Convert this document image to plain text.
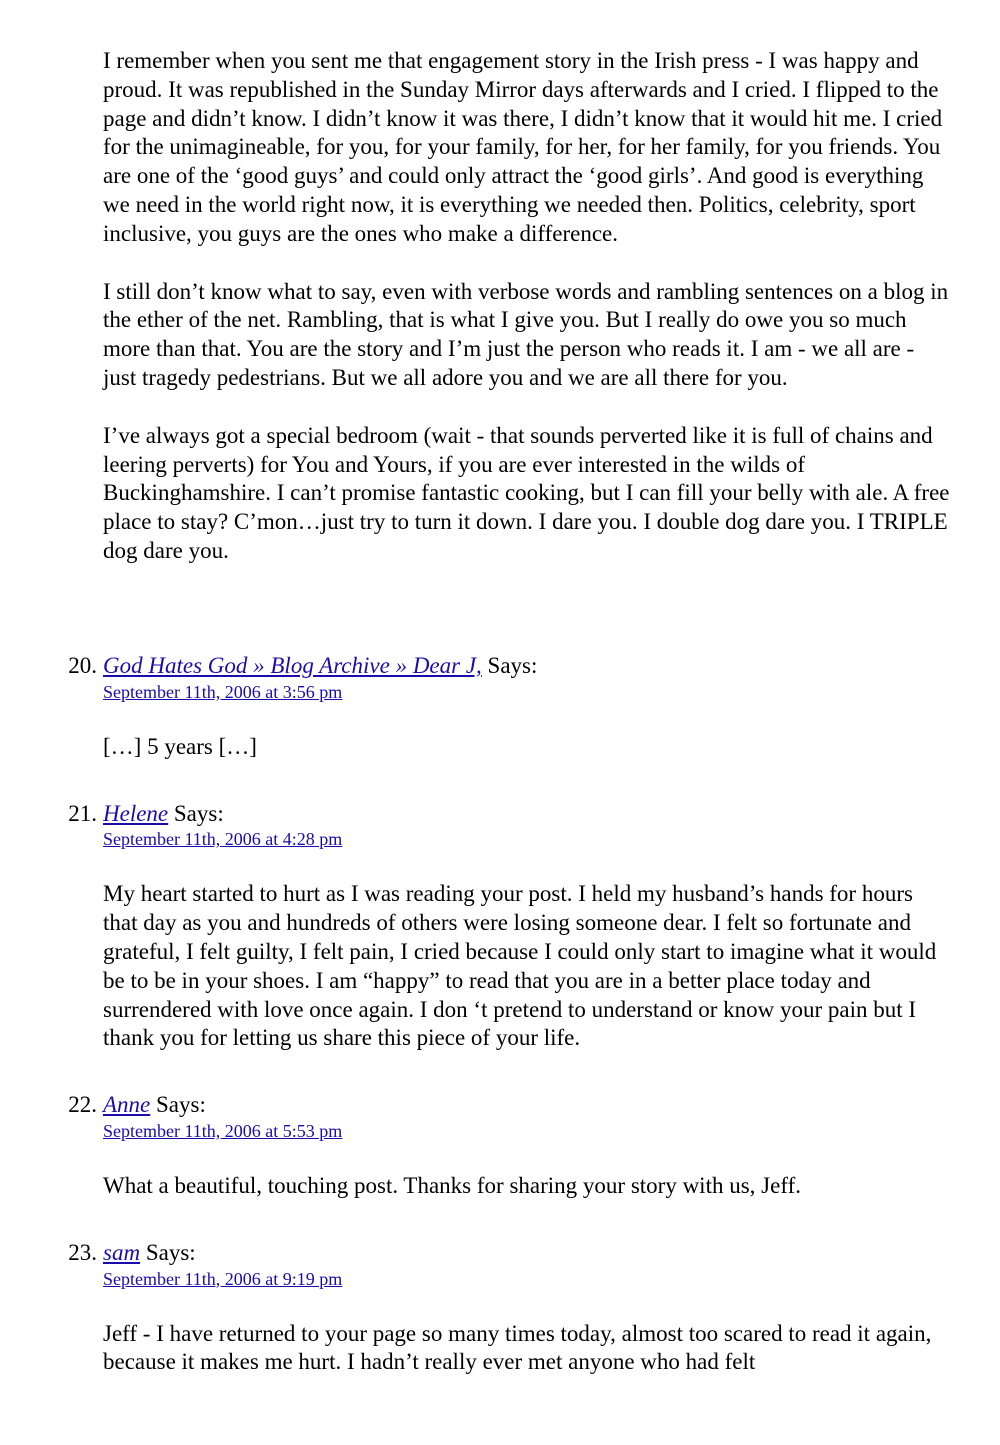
I remember when you sent me that engagement story in the Irish press - I was happy and proud. It was republished in the Sunday Mirror days afterwards and I cried. I flipped to the page and didn’t know. I didn’t know it was there, I didn’t know that it would hit me. I cried for the unimagineable, for you, for your family, for her, for her family, for you friends. You are one of the ‘good guys’ and could only attract the ‘good girls’. And good is everything we need in the world right now, it is everything we needed then. Politics, celebrity, sport inclusive, you guys are the ones who make a difference.

I still don’t know what to say, even with verbose words and rambling sentences on a blog in the ether of the net. Rambling, that is what I give you. But I really do owe you so much more than that. You are the story and I’m just the person who reads it. I am - we all are - just tragedy pedestrians. But we all adore you and we are all there for you.

I’ve always got a special bedroom (wait - that sounds perverted like it is full of chains and leering perverts) for You and Yours, if you are ever interested in the wilds of Buckinghamshire. I can’t promise fantastic cooking, but I can fill your belly with ale. A free place to stay? C’mon…just try to turn it down. I dare you. I double dog dare you. I TRIPLE dog dare you.

20. God Hates God » Blog Archive » Dear J, Says:
September 11th, 2006 at 3:56 pm
[…] 5 years […]
21. Helene Says:
September 11th, 2006 at 4:28 pm
My heart started to hurt as I was reading your post. I held my husband’s hands for hours that day as you and hundreds of others were losing someone dear. I felt so fortunate and grateful, I felt guilty, I felt pain, I cried because I could only start to imagine what it would be to be in your shoes. I am “happy” to read that you are in a better place today and surrendered with love once again. I don ‘t pretend to understand or know your pain but I thank you for letting us share this piece of your life.
22. Anne Says:
September 11th, 2006 at 5:53 pm
What a beautiful, touching post. Thanks for sharing your story with us, Jeff.
23. sam Says:
September 11th, 2006 at 9:19 pm
Jeff - I have returned to your page so many times today, almost too scared to read it again, because it makes me hurt. I hadn’t really ever met anyone who had felt
